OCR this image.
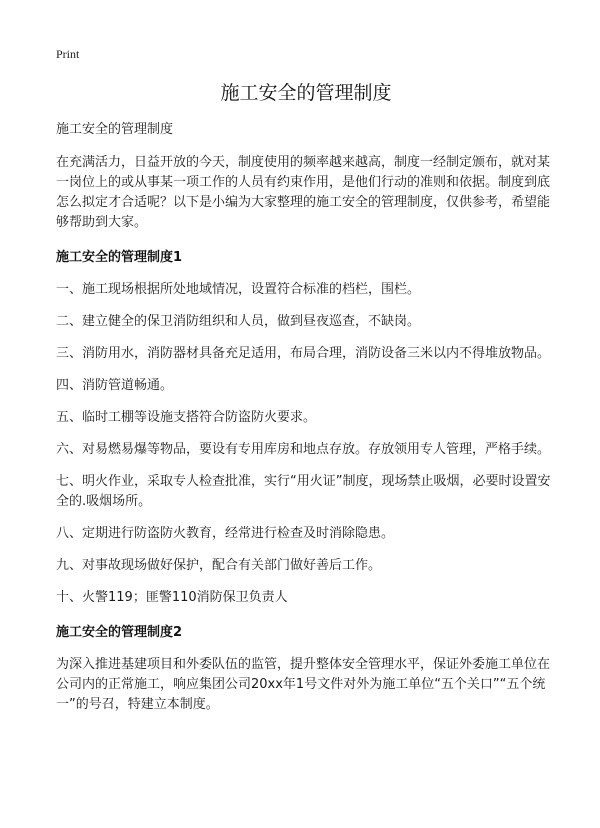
Print
施工安全的管理制度

施工安全的管理制度

在充满活力，日益开放的今天，制度使用的频率越来越高，制度一经制定颁布，就对某一岗位上的或从事某一项工作的人员有约束作用，是他们行动的准则和依据。制度到底怎么拟定才合适呢？以下是小编为大家整理的施工安全的管理制度，仅供参考，希望能够帮助到大家。

施工安全的管理制度1

一、施工现场根据所处地域情况，设置符合标准的档栏，围栏。

二、建立健全的保卫消防组织和人员，做到昼夜巡查，不缺岗。

三、消防用水，消防器材具备充足适用，布局合理，消防设备三米以内不得堆放物品。

四、消防管道畅通。

五、临时工棚等设施支搭符合防盗防火要求。

六、对易燃易爆等物品，要设有专用库房和地点存放。存放领用专人管理，严格手续。

七、明火作业，采取专人检查批准，实行“用火证”制度，现场禁止吸烟，必要时设置安全的.吸烟场所。

八、定期进行防盗防火教育，经常进行检查及时消除隐患。

九、对事故现场做好保护，配合有关部门做好善后工作。

十、火警119；匪警110消防保卫负责人

施工安全的管理制度2

为深入推进基建项目和外委队伍的监管，提升整体安全管理水平，保证外委施工单位在公司内的正常施工，响应集团公司20xx年1号文件对外为施工单位“五个关口”“五个统一”的号召，特建立本制度。
